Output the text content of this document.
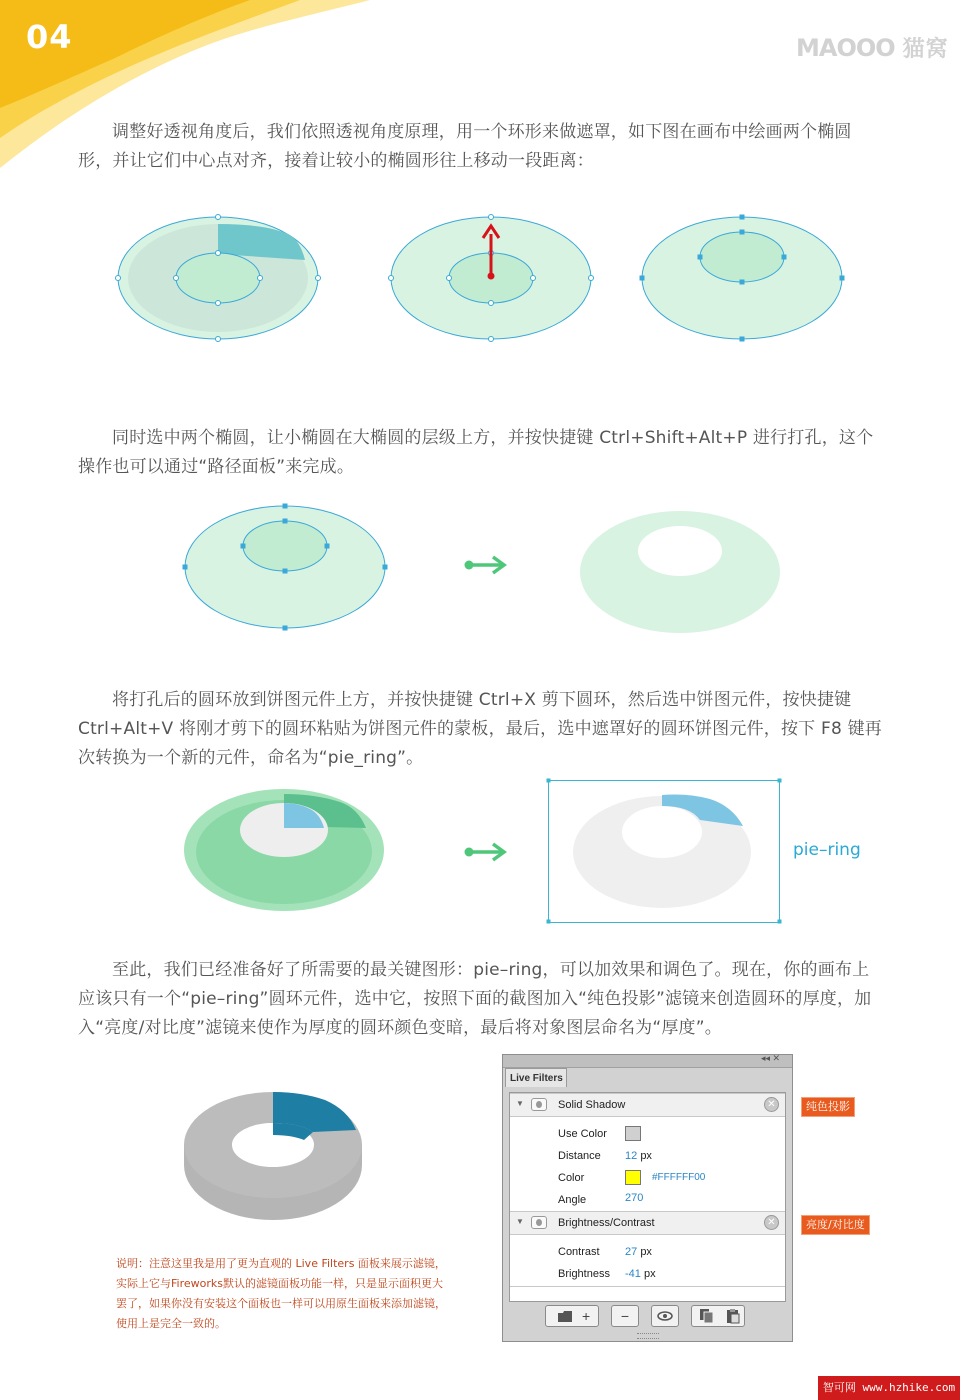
04	MAOOO 猫窝
调整好透视角度后，我们依照透视角度原理，用一个环形来做遮罩，如下图在画布中绘画两个椭圆形，并让它们中心点对齐，接着让较小的椭圆形往上移动一段距离：
同时选中两个椭圆，让小椭圆在大椭圆的层级上方，并按快捷键 Ctrl+Shift+Alt+P 进行打孔，这个操作也可以通过“路径面板”来完成。
将打孔后的圆环放到饼图元件上方，并按快捷键 Ctrl+X 剪下圆环，然后选中饼图元件，按快捷键 Ctrl+Alt+V 将刚才剪下的圆环粘贴为饼图元件的蒙板，最后，选中遮罩好的圆环饼图元件，按下 F8 键再次转换为一个新的元件，命名为“pie_ring”。
pie–ring
至此，我们已经准备好了所需要的最关键图形：pie–ring，可以加效果和调色了。现在，你的画布上应该只有一个“pie–ring”圆环元件，选中它，按照下面的截图加入“纯色投影”滤镜来创造圆环的厚度，加入“亮度/对比度”滤镜来使作为厚度的圆环颜色变暗，最后将对象图层命名为“厚度”。
说明：注意这里我是用了更为直观的 Live Filters 面板来展示滤镜，实际上它与Fireworks默认的滤镜面板功能一样，只是显示面积更大罢了，如果你没有安装这个面板也一样可以用原生面板来添加滤镜，使用上是完全一致的。
◂◂ ✕
Live Filters
▼	Solid Shadow	✕
Use Color
Distance 12 px
Color	#FFFFFF00
Angle	270
▼	Brightness/Contrast	✕
Contrast 27 px
Brightness -41 px
+	−
纯色投影
亮度/对比度
智可网 www.hzhike.com
